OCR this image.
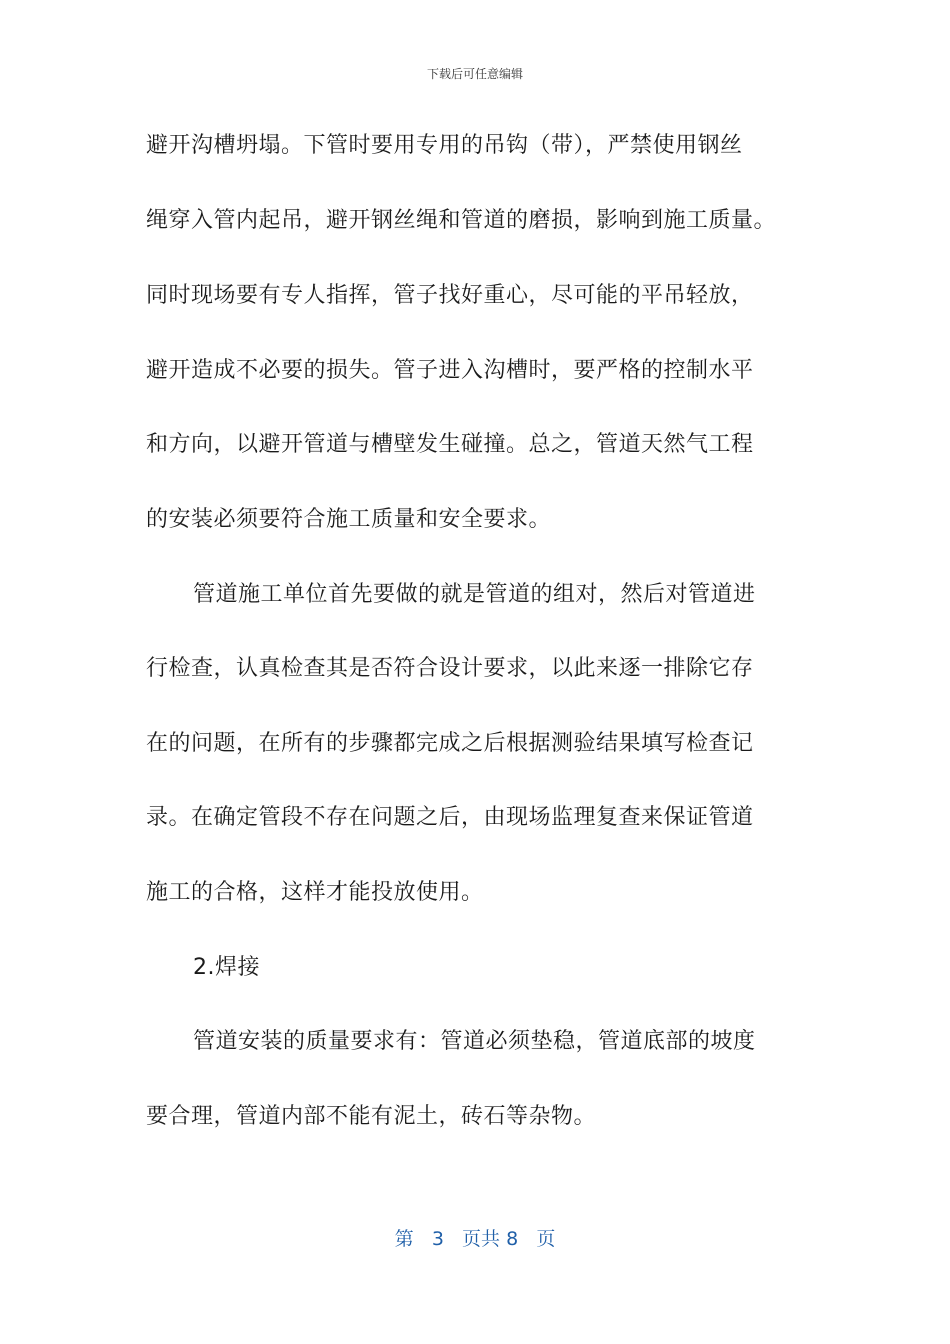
下载后可任意编辑
避开沟槽坍塌。下管时要用专用的吊钩（带），严禁使用钢丝
绳穿入管内起吊，避开钢丝绳和管道的磨损，影响到施工质量。
同时现场要有专人指挥，管子找好重心，尽可能的平吊轻放，
避开造成不必要的损失。管子进入沟槽时，要严格的控制水平
和方向，以避开管道与槽壁发生碰撞。总之，管道天然气工程
的安装必须要符合施工质量和安全要求。
管道施工单位首先要做的就是管道的组对，然后对管道进
行检查，认真检查其是否符合设计要求，以此来逐一排除它存
在的问题，在所有的步骤都完成之后根据测验结果填写检查记
录。在确定管段不存在问题之后，由现场监理复查来保证管道
施工的合格，这样才能投放使用。
2.焊接
管道安装的质量要求有：管道必须垫稳，管道底部的坡度
要合理，管道内部不能有泥土，砖石等杂物。
第 3 页共 8 页
